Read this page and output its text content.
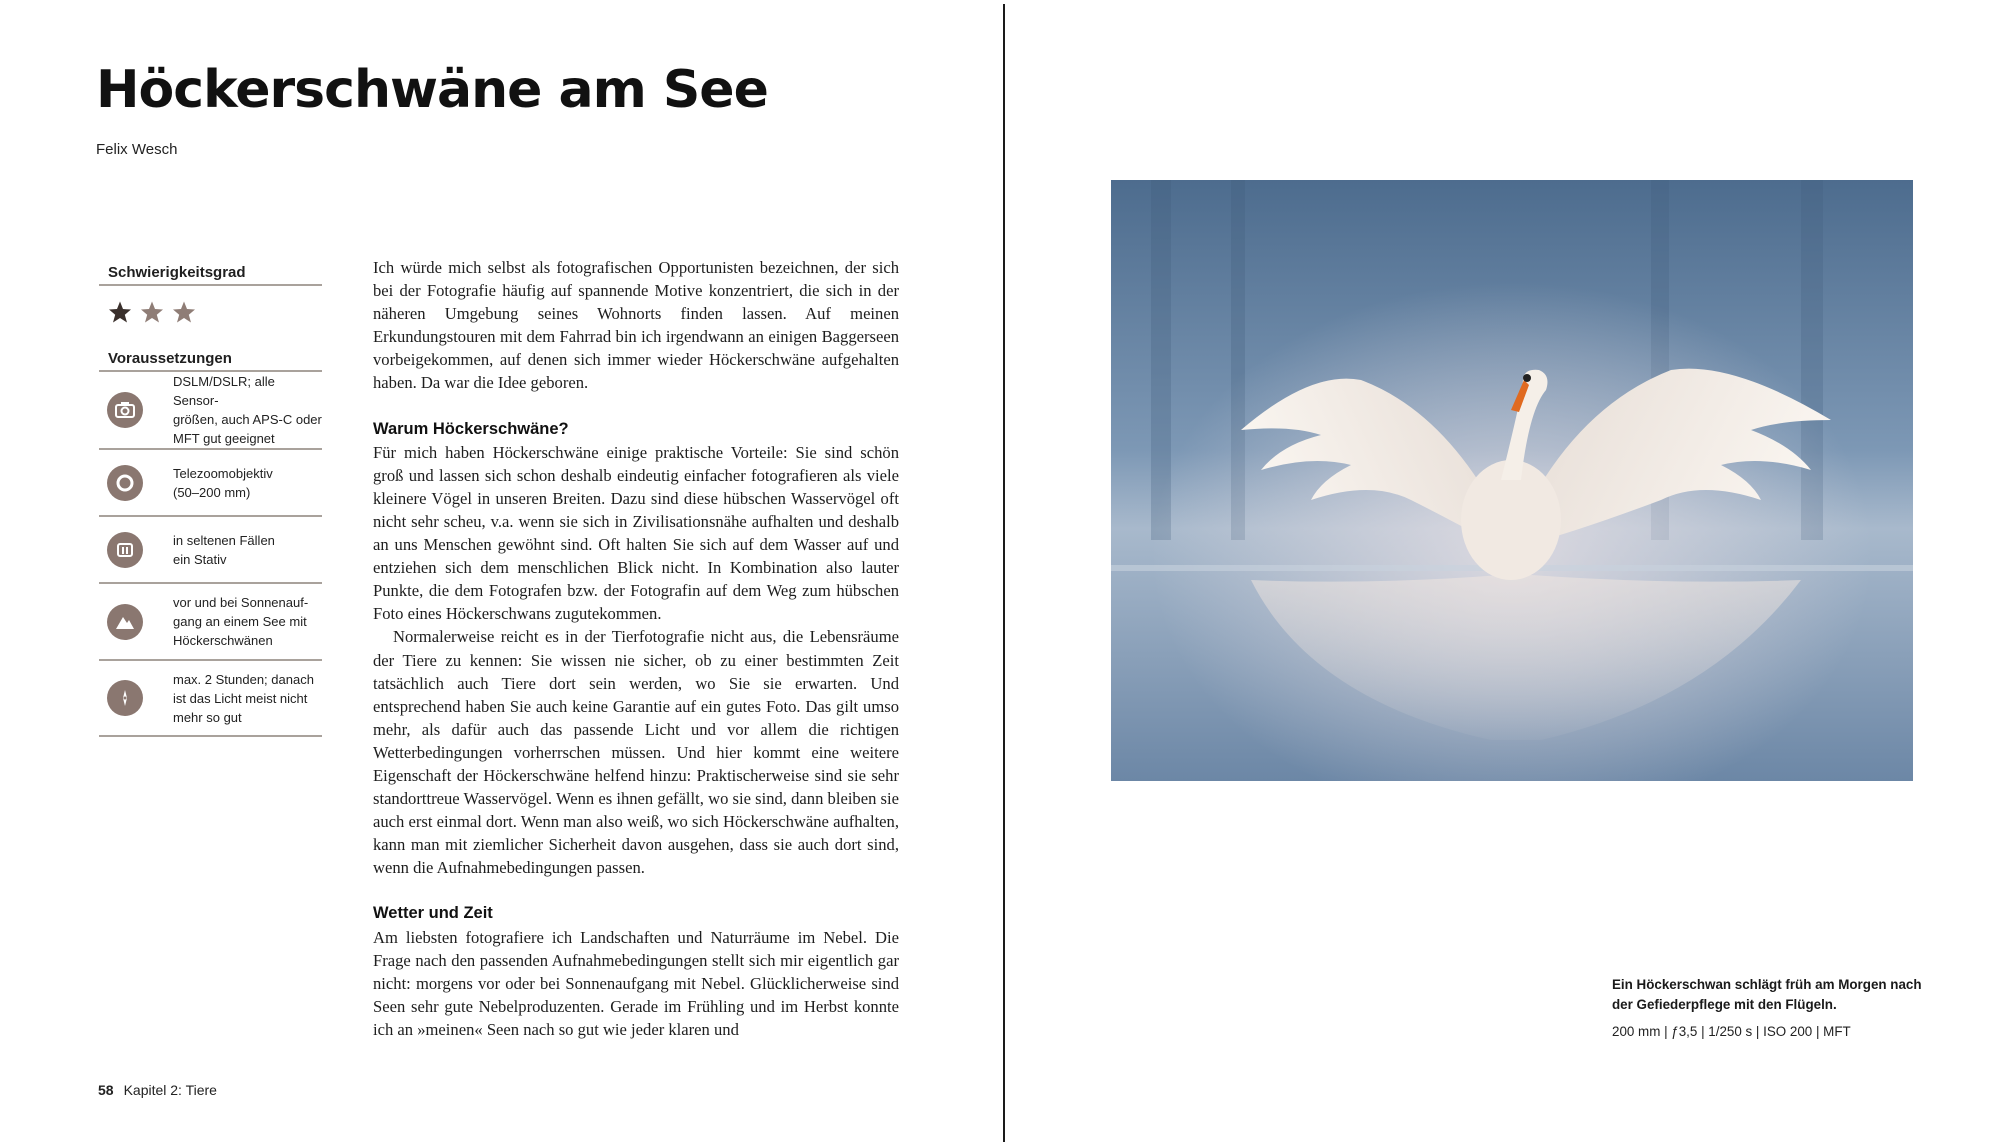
Höckerschwäne am See
Felix Wesch
Schwierigkeitsgrad
Voraussetzungen
DSLM/DSLR; alle Sensor-
größen, auch APS-C oder
MFT gut geeignet
Telezoomobjektiv
(50–200 mm)
in seltenen Fällen
ein Stativ
vor und bei Sonnenauf-
gang an einem See mit
Höckerschwänen
max. 2 Stunden; danach
ist das Licht meist nicht
mehr so gut

Ich würde mich selbst als fotografischen Opportunisten bezeichnen, der sich bei der Fotografie häufig auf spannende Motive konzentriert, die sich in der näheren Umgebung seines Wohnorts finden lassen. Auf meinen Erkundungstouren mit dem Fahrrad bin ich irgendwann an einigen Baggerseen vorbeigekommen, auf denen sich immer wieder Höckerschwäne aufgehalten haben. Da war die Idee geboren.

Warum Höckerschwäne?

Für mich haben Höckerschwäne einige praktische Vorteile: Sie sind schön groß und lassen sich schon deshalb eindeutig einfacher fotografieren als viele kleinere Vögel in unseren Breiten. Dazu sind diese hübschen Wasservögel oft nicht sehr scheu, v.a. wenn sie sich in Zivilisationsnähe aufhalten und deshalb an uns Menschen gewöhnt sind. Oft halten Sie sich auf dem Wasser auf und entziehen sich dem menschlichen Blick nicht. In Kombination also lauter Punkte, die dem Fotografen bzw. der Fotografin auf dem Weg zum hübschen Foto eines Höckerschwans zugutekommen.

Normalerweise reicht es in der Tierfotografie nicht aus, die Lebensräume der Tiere zu kennen: Sie wissen nie sicher, ob zu einer bestimmten Zeit tatsächlich auch Tiere dort sein werden, wo Sie sie erwarten. Und entsprechend haben Sie auch keine Garantie auf ein gutes Foto. Das gilt umso mehr, als dafür auch das passende Licht und vor allem die richtigen Wetterbedingungen vorherrschen müssen. Und hier kommt eine weitere Eigenschaft der Höckerschwäne helfend hinzu: Praktischerweise sind sie sehr standorttreue Wasservögel. Wenn es ihnen gefällt, wo sie sind, dann bleiben sie auch erst einmal dort. Wenn man also weiß, wo sich Höckerschwäne aufhalten, kann man mit ziemlicher Sicherheit davon ausgehen, dass sie auch dort sind, wenn die Aufnahmebedingungen passen.

Wetter und Zeit

Am liebsten fotografiere ich Landschaften und Naturräume im Nebel. Die Frage nach den passenden Aufnahmebedingungen stellt sich mir eigentlich gar nicht: morgens vor oder bei Sonnenaufgang mit Nebel. Glücklicherweise sind Seen sehr gute Nebelproduzenten. Gerade im Frühling und im Herbst konnte ich an »meinen« Seen nach so gut wie jeder klaren und

58 Kapitel 2: Tiere
Ein Höckerschwan schlägt früh am Morgen nach
der Gefiederpflege mit den Flügeln.
200 mm | ƒ3,5 | 1/250 s | ISO 200 | MFT
